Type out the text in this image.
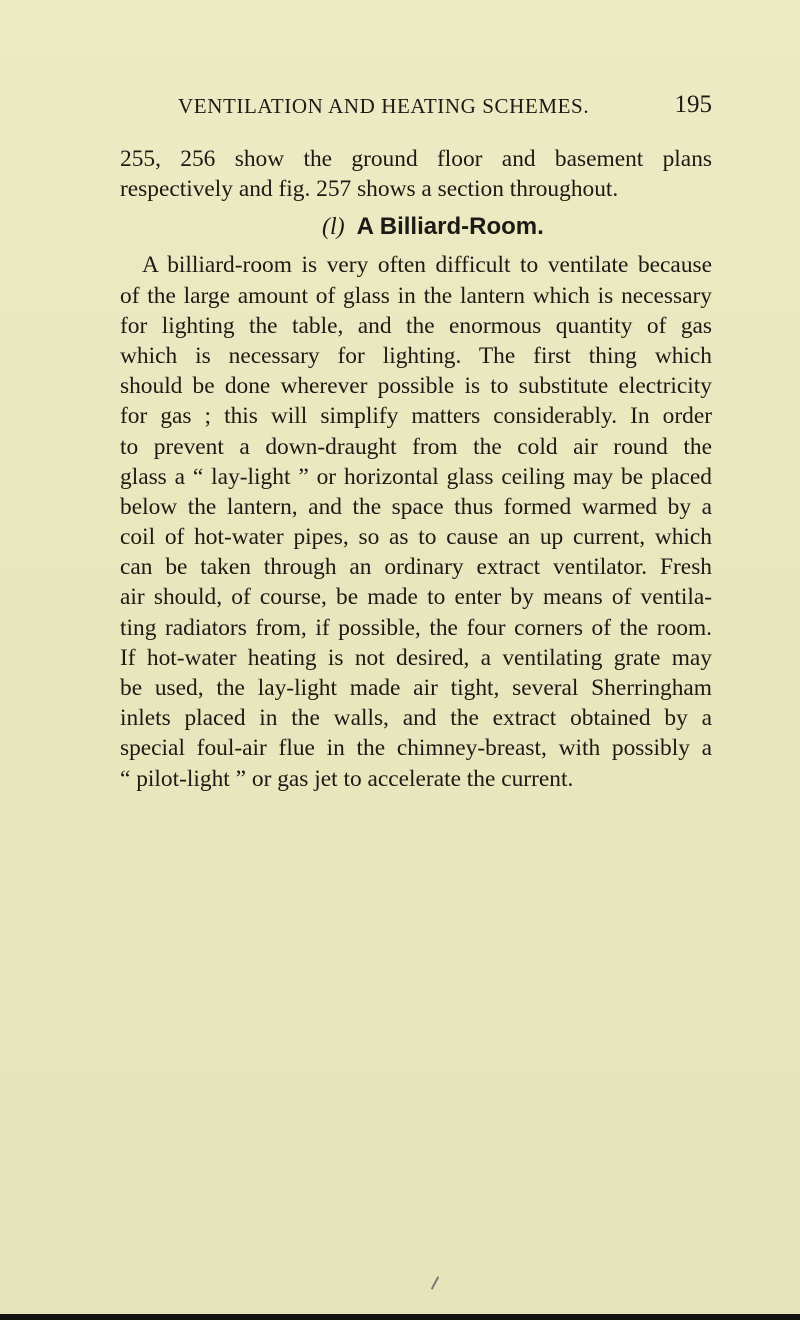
VENTILATION AND HEATING SCHEMES.	195
255, 256 show the ground floor and basement plans
respectively and fig. 257 shows a section throughout.
(l) A Billiard-Room.
A billiard-room is very often difficult to ventilate because
of the large amount of glass in the lantern which is necessary
for lighting the table, and the enormous quantity of gas
which is necessary for lighting. The first thing which
should be done wherever possible is to substitute electricity
for gas ; this will simplify matters considerably. In order
to prevent a down-draught from the cold air round the
glass a “ lay-light ” or horizontal glass ceiling may be placed
below the lantern, and the space thus formed warmed by a
coil of hot-water pipes, so as to cause an up current, which
can be taken through an ordinary extract ventilator. Fresh
air should, of course, be made to enter by means of ventila-
ting radiators from, if possible, the four corners of the room.
If hot-water heating is not desired, a ventilating grate may
be used, the lay-light made air tight, several Sherringham
inlets placed in the walls, and the extract obtained by a
special foul-air flue in the chimney-breast, with possibly a
“ pilot-light ” or gas jet to accelerate the current.
